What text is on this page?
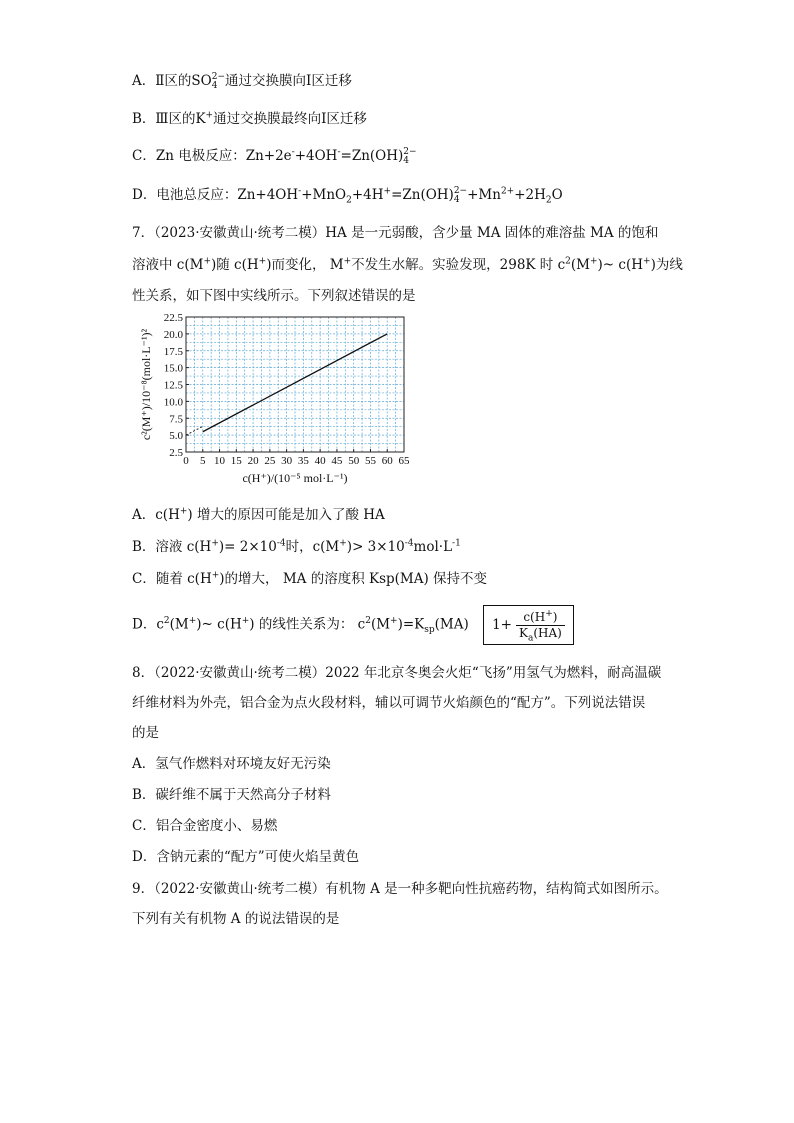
A．Ⅱ区的SO 2−
4 通过交换膜向Ⅰ区迁移
B．Ⅲ区的K+通过交换膜最终向Ⅰ区迁移
C．Zn 电极反应：Zn+2e-+4OH-=Zn(OH) 2−
4
D．电池总反应：Zn+4OH-+MnO$_2$+4H+=Zn(OH) 2−
$4 +Mn^{2+}+2H_2O$
7．（2023·安徽黄山·统考二模）HA 是一元弱酸，含少量 MA 固体的难溶盐 MA 的饱和
溶液中 c(M+)随 c(H+)而变化， M+不发生水解。实验发现，298K 时 $c^2(M^+)\sim$ c(H+)为线
性关系，如下图中实线所示。下列叙述错误的是
0 5 10 15 20 25 30 35 40 45 50 55 60 65
2.5
5.0
7.5
10.0
12.5
15.0
17.5
20.0
22.5
c(H⁺)/(10⁻⁵ mol·L⁻¹)
c²(M⁺)/10⁻⁸(mol·L⁻¹)²
A．c(H+) 增大的原因可能是加入了酸 HA
B．溶液 $c(H^+)= 2\times 10^{-4}$时，$c(M^+)> 3\times 10^{-4}mol\cdot L^{-1}$
C．随着 c(H+)的增大， MA 的溶度积 Ksp(MA) 保持不变
D．$c^2(M^+)\sim$ c(H+) 的线性关系为： $c^2(M^+)=K_{sp}(MA)$ $1+ \frac{c(H^+)}{K_a(HA)}$
8．（2022·安徽黄山·统考二模）2022 年北京冬奥会火炬“飞扬”用氢气为燃料，耐高温碳
纤维材料为外壳，铝合金为点火段材料，辅以可调节火焰颜色的“配方”。下列说法错误
的是
A．氢气作燃料对环境友好无污染
B．碳纤维不属于天然高分子材料
C．铝合金密度小、易燃
D．含钠元素的“配方”可使火焰呈黄色
9．（2022·安徽黄山·统考二模）有机物 A 是一种多靶向性抗癌药物，结构简式如图所示。
下列有关有机物 A 的说法错误的是
